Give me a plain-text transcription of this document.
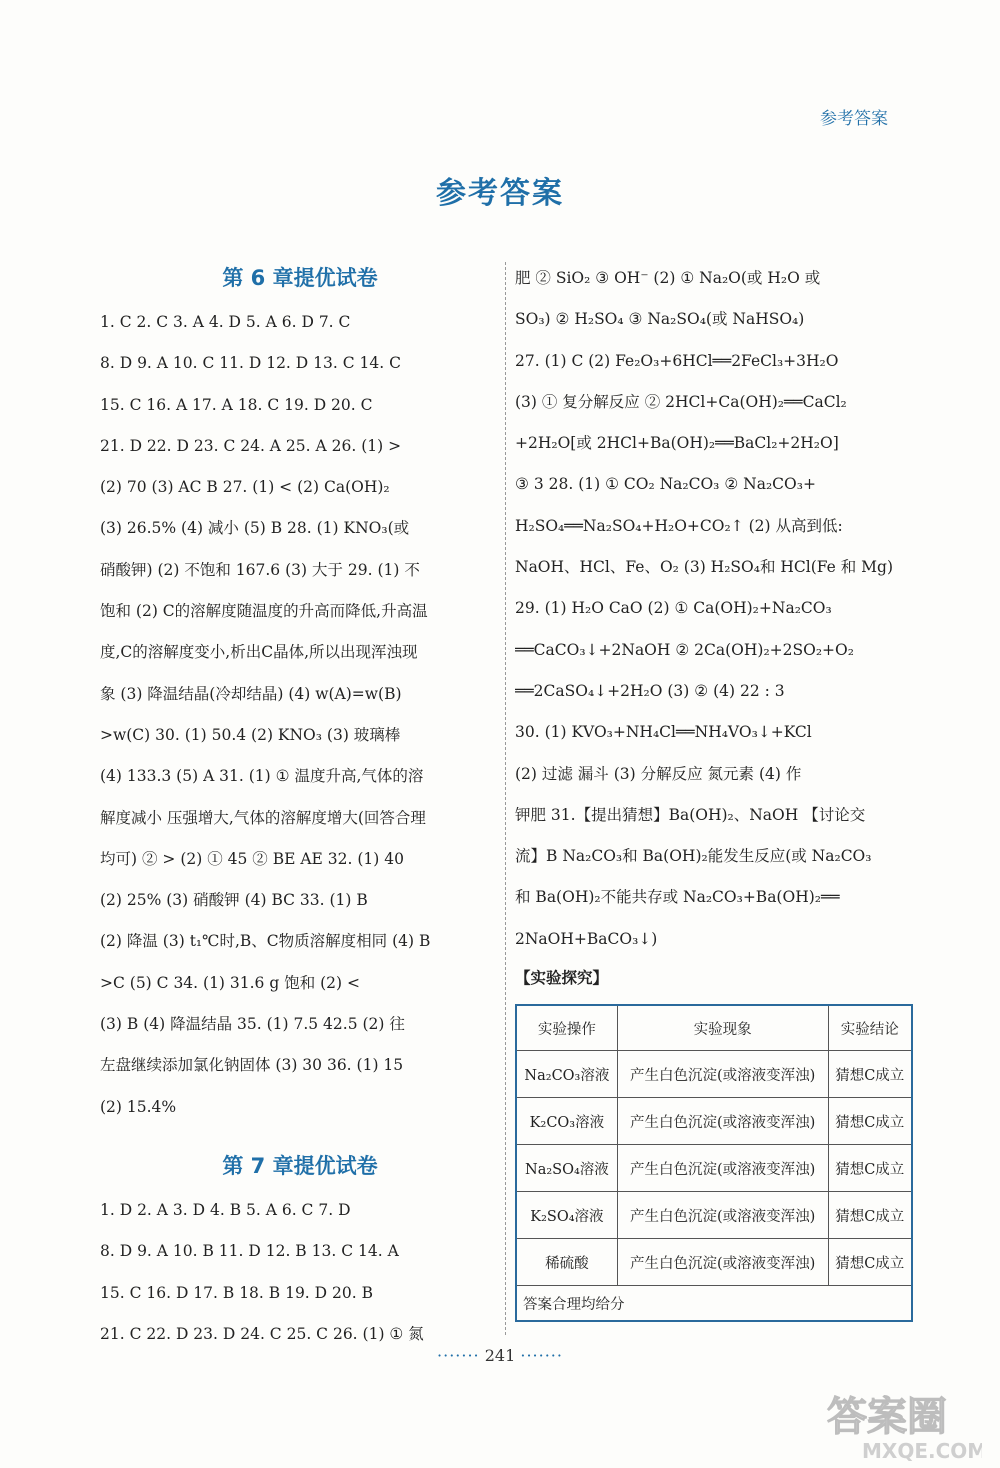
参考答案
参考答案
第 6 章提优试卷

1. C 2. C 3. A 4. D 5. A 6. D 7. C

8. D 9. A 10. C 11. D 12. D 13. C 14. C

15. C 16. A 17. A 18. C 19. D 20. C

21. D 22. D 23. C 24. A 25. A 26. (1) >

(2) 70 (3) AC B 27. (1) < (2) Ca(OH)₂

(3) 26.5% (4) 减小 (5) B 28. (1) KNO₃(或

硝酸钾) (2) 不饱和 167.6 (3) 大于 29. (1) 不

饱和 (2) C的溶解度随温度的升高而降低,升高温

度,C的溶解度变小,析出C晶体,所以出现浑浊现

象 (3) 降温结晶(冷却结晶) (4) w(A)=w(B)

>w(C) 30. (1) 50.4 (2) KNO₃ (3) 玻璃棒

(4) 133.3 (5) A 31. (1) ① 温度升高,气体的溶

解度减小 压强增大,气体的溶解度增大(回答合理

均可) ② > (2) ① 45 ② BE AE 32. (1) 40

(2) 25% (3) 硝酸钾 (4) BC 33. (1) B

(2) 降温 (3) t₁℃时,B、C物质溶解度相同 (4) B

>C (5) C 34. (1) 31.6 g 饱和 (2) <

(3) B (4) 降温结晶 35. (1) 7.5 42.5 (2) 往

左盘继续添加氯化钠固体 (3) 30 36. (1) 15

(2) 15.4%

第 7 章提优试卷

1. D 2. A 3. D 4. B 5. A 6. C 7. D

8. D 9. A 10. B 11. D 12. B 13. C 14. A

15. C 16. D 17. B 18. B 19. D 20. B

21. C 22. D 23. D 24. C 25. C 26. (1) ① 氮

肥 ② SiO₂ ③ OH⁻ (2) ① Na₂O(或 H₂O 或

SO₃) ② H₂SO₄ ③ Na₂SO₄(或 NaHSO₄)

27. (1) C (2) Fe₂O₃+6HCl══2FeCl₃+3H₂O

(3) ① 复分解反应 ② 2HCl+Ca(OH)₂══CaCl₂

+2H₂O[或 2HCl+Ba(OH)₂══BaCl₂+2H₂O]

③ 3 28. (1) ① CO₂ Na₂CO₃ ② Na₂CO₃+

H₂SO₄══Na₂SO₄+H₂O+CO₂↑ (2) 从高到低:

NaOH、HCl、Fe、O₂ (3) H₂SO₄和 HCl(Fe 和 Mg)

29. (1) H₂O CaO (2) ① Ca(OH)₂+Na₂CO₃

══CaCO₃↓+2NaOH ② 2Ca(OH)₂+2SO₂+O₂

══2CaSO₄↓+2H₂O (3) ② (4) 22 : 3

30. (1) KVO₃+NH₄Cl══NH₄VO₃↓+KCl

(2) 过滤 漏斗 (3) 分解反应 氮元素 (4) 作

钾肥 31.【提出猜想】Ba(OH)₂、NaOH 【讨论交

流】B Na₂CO₃和 Ba(OH)₂能发生反应(或 Na₂CO₃

和 Ba(OH)₂不能共存或 Na₂CO₃+Ba(OH)₂══

2NaOH+BaCO₃↓)

【实验探究】
实验操作	实验现象	实验结论
Na₂CO₃溶液	产生白色沉淀(或溶液变浑浊)	猜想C成立
K₂CO₃溶液	产生白色沉淀(或溶液变浑浊)	猜想C成立
Na₂SO₄溶液	产生白色沉淀(或溶液变浑浊)	猜想C成立
K₂SO₄溶液	产生白色沉淀(或溶液变浑浊)	猜想C成立
稀硫酸	产生白色沉淀(或溶液变浑浊)	猜想C成立
答案合理均给分		
······· 241 ·······
答案圈
MXQE.COM
